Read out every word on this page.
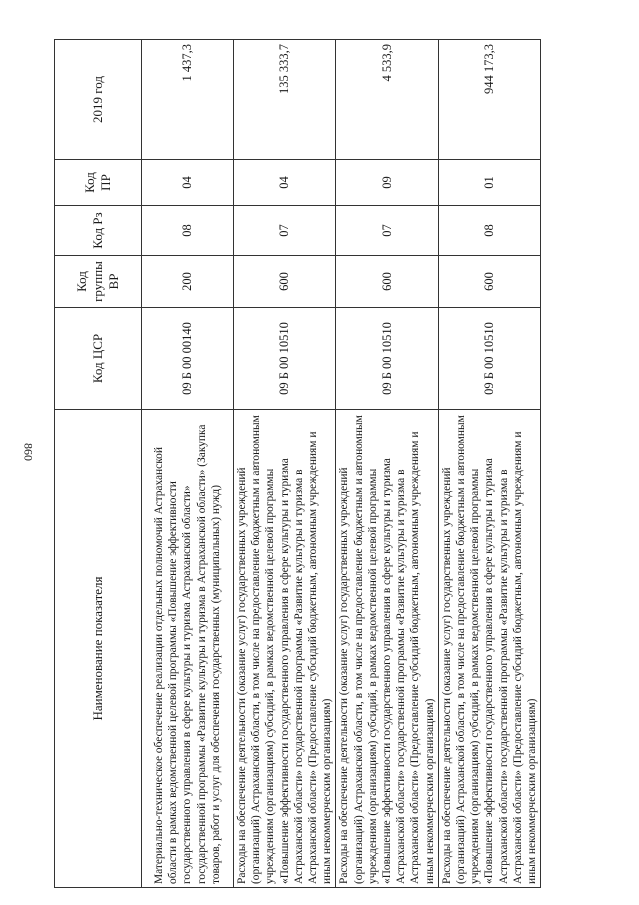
860
Наименование показателя	Код ЦСР	Код группы ВР	Код Рз	Код ПР	2019 год
Материально-техническое обеспечение реализации отдельных полномочий Астраханской области в рамках ведомственной целевой программы «Повышение эффективности государственного управления в сфере культуры и туризма Астраханской области» государственной программы «Развитие культуры и туризма в Астраханской области» (Закупка товаров, работ и услуг для обеспечения государственных (муниципальных) нужд)	09 Б 00 00140	200	08	04	1 437,3
Расходы на обеспечение деятельности (оказание услуг) государственных учреждений (организаций) Астраханской области, в том числе на предоставление бюджетным и автономным учреждениям (организациям) субсидий, в рамках ведомственной целевой программы «Повышение эффективности государственного управления в сфере культуры и туризма Астраханской области» государственной программы «Развитие культуры и туризма в Астраханской области» (Предоставление субсидий бюджетным, автономным учреждениям и иным некоммерческим организациям)	09 Б 00 10510	600	07	04	135 333,7
Расходы на обеспечение деятельности (оказание услуг) государственных учреждений (организаций) Астраханской области, в том числе на предоставление бюджетным и автономным учреждениям (организациям) субсидий, в рамках ведомственной целевой программы «Повышение эффективности государственного управления в сфере культуры и туризма Астраханской области» государственной программы «Развитие культуры и туризма в Астраханской области» (Предоставление субсидий бюджетным, автономным учреждениям и иным некоммерческим организациям)	09 Б 00 10510	600	07	09	4 533,9
Расходы на обеспечение деятельности (оказание услуг) государственных учреждений (организаций) Астраханской области, в том числе на предоставление бюджетным и автономным учреждениям (организациям) субсидий, в рамках ведомственной целевой программы «Повышение эффективности государственного управления в сфере культуры и туризма Астраханской области» государственной программы «Развитие культуры и туризма в Астраханской области» (Предоставление субсидий бюджетным, автономным учреждениям и иным некоммерческим организациям)	09 Б 00 10510	600	08	01	944 173,3
